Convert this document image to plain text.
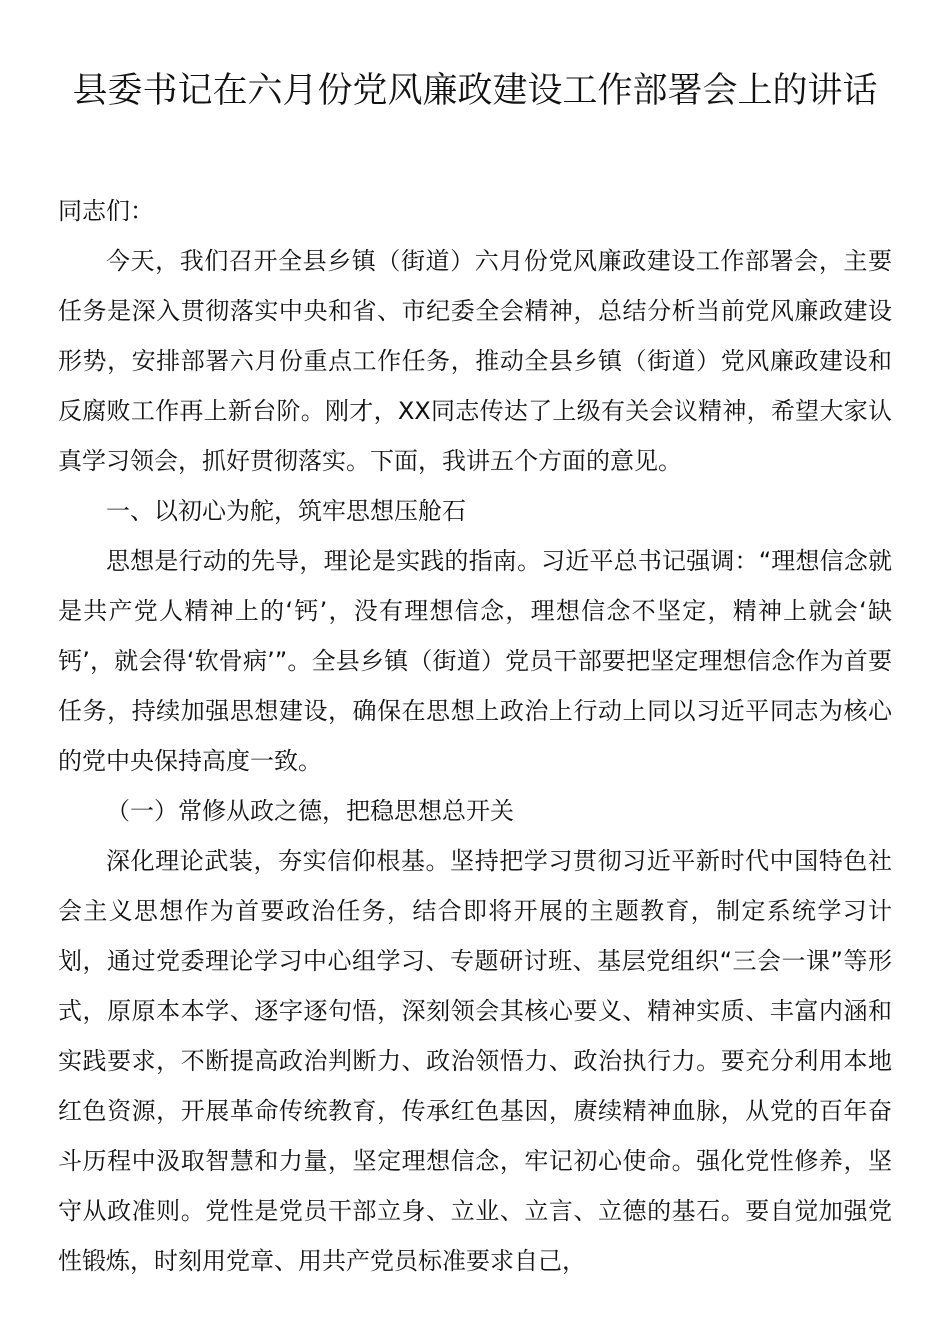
县委书记在六月份党风廉政建设工作部署会上的讲话

同志们：

今天，我们召开全县乡镇（街道）六月份党风廉政建设工作部署会，主要任务是深入贯彻落实中央和省、市纪委全会精神，总结分析当前党风廉政建设形势，安排部署六月份重点工作任务，推动全县乡镇（街道）党风廉政建设和反腐败工作再上新台阶。刚才，XX同志传达了上级有关会议精神，希望大家认真学习领会，抓好贯彻落实。下面，我讲五个方面的意见。

一、以初心为舵，筑牢思想压舱石

思想是行动的先导，理论是实践的指南。习近平总书记强调：“理想信念就是共产党人精神上的‘钙’，没有理想信念，理想信念不坚定，精神上就会‘缺钙’，就会得‘软骨病’”。全县乡镇（街道）党员干部要把坚定理想信念作为首要任务，持续加强思想建设，确保在思想上政治上行动上同以习近平同志为核心的党中央保持高度一致。

（一）常修从政之德，把稳思想总开关

深化理论武装，夯实信仰根基。坚持把学习贯彻习近平新时代中国特色社会主义思想作为首要政治任务，结合即将开展的主题教育，制定系统学习计划，通过党委理论学习中心组学习、专题研讨班、基层党组织“三会一课”等形式，原原本本学、逐字逐句悟，深刻领会其核心要义、精神实质、丰富内涵和实践要求，不断提高政治判断力、政治领悟力、政治执行力。要充分利用本地红色资源，开展革命传统教育，传承红色基因，赓续精神血脉，从党的百年奋斗历程中汲取智慧和力量，坚定理想信念，牢记初心使命。强化党性修养，坚守从政准则。党性是党员干部立身、立业、立言、立德的基石。要自觉加强党性锻炼，时刻用党章、用共产党员标准要求自己，
